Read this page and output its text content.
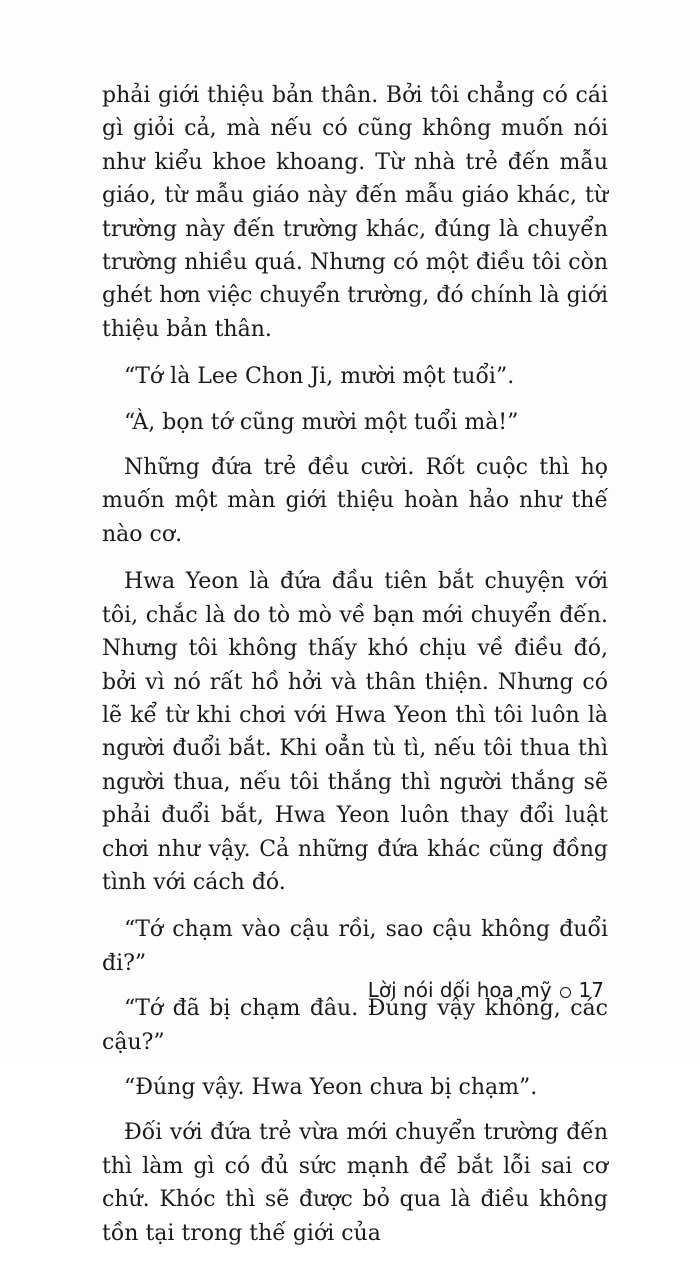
phải giới thiệu bản thân. Bởi tôi chẳng có cái gì giỏi cả, mà nếu có cũng không muốn nói như kiểu khoe khoang. Từ nhà trẻ đến mẫu giáo, từ mẫu giáo này đến mẫu giáo khác, từ trường này đến trường khác, đúng là chuyển trường nhiều quá. Nhưng có một điều tôi còn ghét hơn việc chuyển trường, đó chính là giới thiệu bản thân.

“Tớ là Lee Chon Ji, mười một tuổi”.

“À, bọn tớ cũng mười một tuổi mà!”

Những đứa trẻ đều cười. Rốt cuộc thì họ muốn một màn giới thiệu hoàn hảo như thế nào cơ.

Hwa Yeon là đứa đầu tiên bắt chuyện với tôi, chắc là do tò mò về bạn mới chuyển đến. Nhưng tôi không thấy khó chịu về điều đó, bởi vì nó rất hồ hởi và thân thiện. Nhưng có lẽ kể từ khi chơi với Hwa Yeon thì tôi luôn là người đuổi bắt. Khi oẳn tù tì, nếu tôi thua thì người thua, nếu tôi thắng thì người thắng sẽ phải đuổi bắt, Hwa Yeon luôn thay đổi luật chơi như vậy. Cả những đứa khác cũng đồng tình với cách đó.

“Tớ chạm vào cậu rồi, sao cậu không đuổi đi?”

“Tớ đã bị chạm đâu. Đúng vậy không, các cậu?”

“Đúng vậy. Hwa Yeon chưa bị chạm”.

Đối với đứa trẻ vừa mới chuyển trường đến thì làm gì có đủ sức mạnh để bắt lỗi sai cơ chứ. Khóc thì sẽ được bỏ qua là điều không tồn tại trong thế giới của

Lời nói dối hoa mỹ 17
